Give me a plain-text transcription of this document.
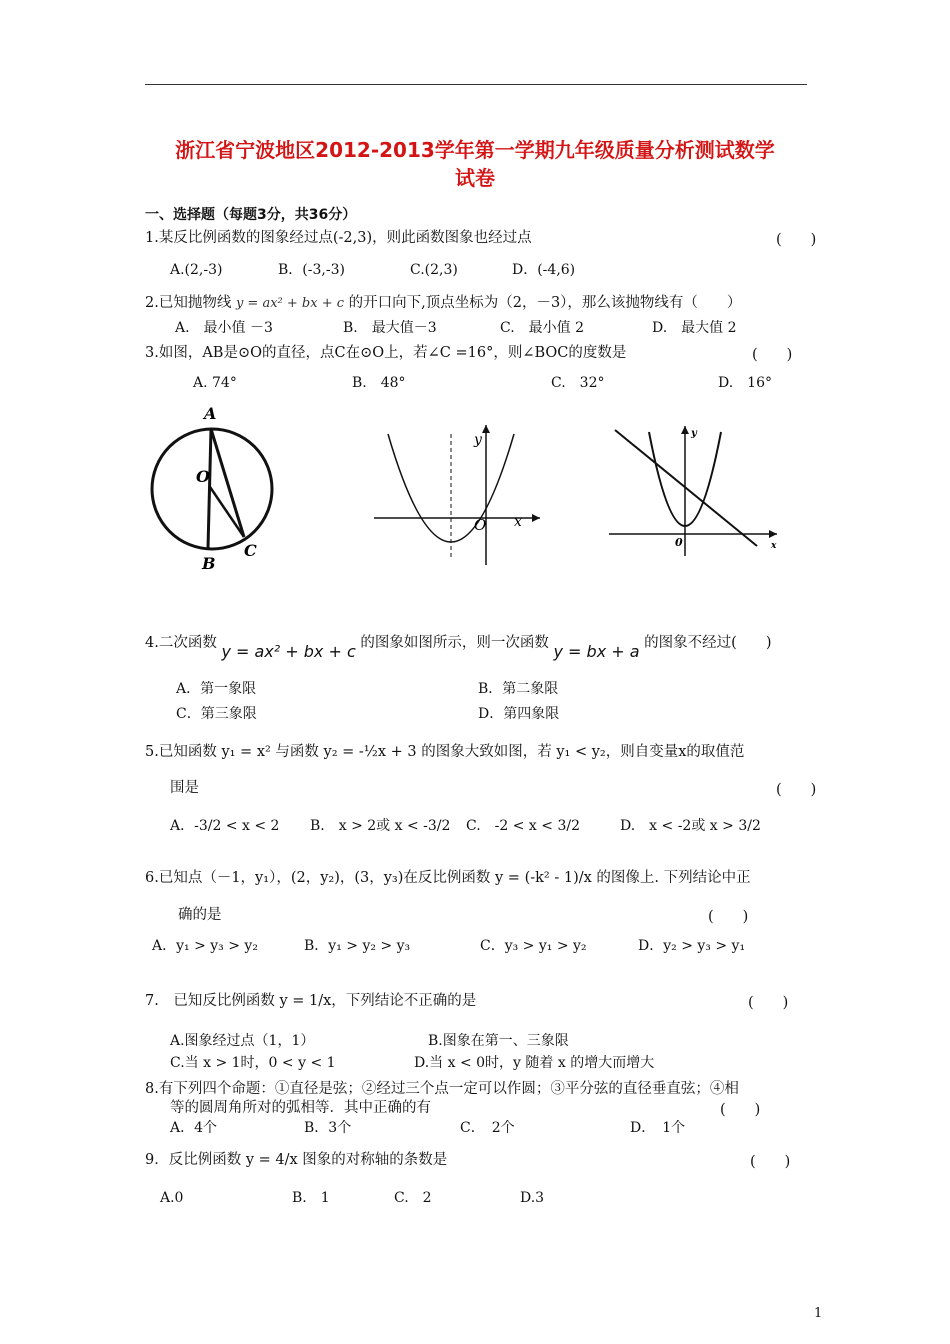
浙江省宁波地区2012-2013学年第一学期九年级质量分析测试数学
试卷
一、选择题（每题3分，共36分）
1.某反比例函数的图象经过点(-2,3)，则此函数图象也经过点	(　　)
A.(2,-3)	B．(-3,-3)	C.(2,3)	D．(-4,6)
2.已知抛物线 y = ax² + bx + c 的开口向下,顶点坐标为（2，－3），那么该抛物线有（　　）
A.　最小值 －3	B.　最大值－3	C.　最小值 2	D.　最大值 2
3.如图，AB是⊙O的直径，点C在⊙O上，若∠C =16°，则∠BOC的度数是	(　　)
A. 74°	B.　48°	C.　32°	D.　16°
A
O
B
C
y
O x
y
0	x
4.二次函数 y = ax² + bx + c 的图象如图所示，则一次函数 y = bx + a 的图象不经过(　　)
A．第一象限	B．第二象限
C．第三象限	D．第四象限
5.已知函数 y₁ = x² 与函数 y₂ = -½x + 3 的图象大致如图，若 y₁ < y₂，则自变量x的取值范
围是	(　　)
A．-3/2 < x < 2 B.　x > 2或 x < -3/2 C.　-2 < x < 3/2	D.　x < -2或 x > 3/2
6.已知点（－1，y₁），(2，y₂)，(3，y₃)在反比例函数 y = (-k² - 1)/x 的图像上. 下列结论中正
确的是	(　　)
A．y₁ > y₃ > y₂	B．y₁ > y₂ > y₃	C．y₃ > y₁ > y₂	D．y₂ > y₃ > y₁
7.　已知反比例函数 y = 1/x，下列结论不正确的是	(　　)
A.图象经过点（1，1）	B.图象在第一、三象限
C.当 x > 1时，0 < y < 1	D.当 x < 0时，y 随着 x 的增大而增大
8.有下列四个命题：①直径是弦；②经过三个点一定可以作圆；③平分弦的直径垂直弦；④相
等的圆周角所对的弧相等．其中正确的有	(　　)
A．4个	B．3个	C．　2个	D．　1个
9．反比例函数 y = 4/x 图象的对称轴的条数是	(　　)
A.0	B.　1	C.　2	D.3
1
